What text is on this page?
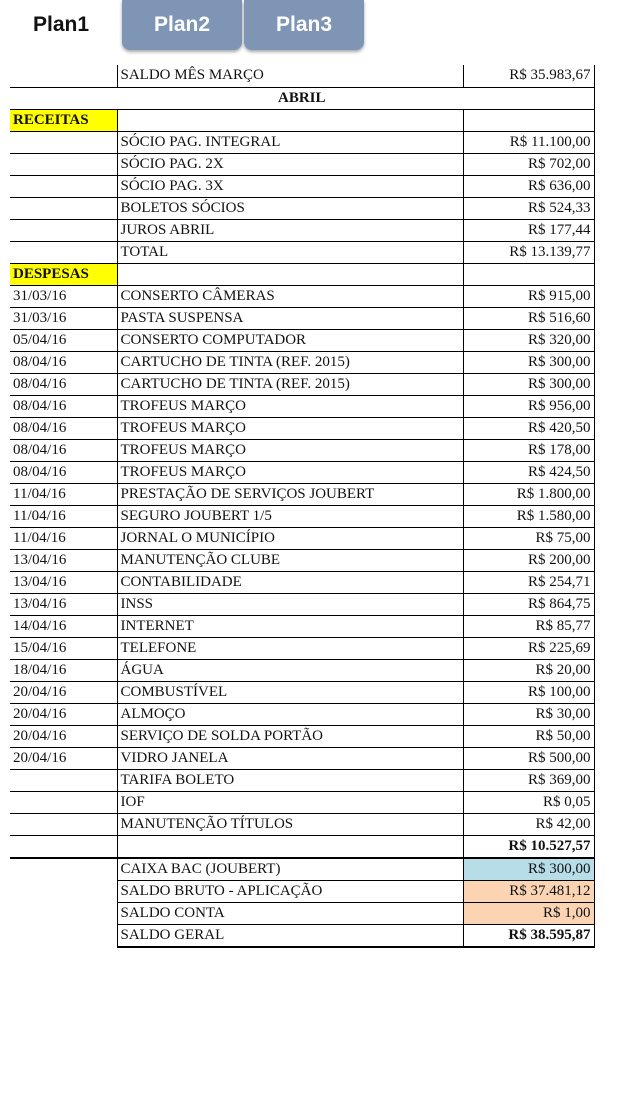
Plan1	Plan2	Plan3
	SALDO MÊS MARÇO	R$ 35.983,67
ABRIL		
RECEITAS		
	SÓCIO PAG. INTEGRAL	R$ 11.100,00
	SÓCIO PAG. 2X	R$ 702,00
	SÓCIO PAG. 3X	R$ 636,00
	BOLETOS SÓCIOS	R$ 524,33
	JUROS ABRIL	R$ 177,44
	TOTAL	R$ 13.139,77
DESPESAS		
31/03/16	CONSERTO CÂMERAS	R$ 915,00
31/03/16	PASTA SUSPENSA	R$ 516,60
05/04/16	CONSERTO COMPUTADOR	R$ 320,00
08/04/16	CARTUCHO DE TINTA (REF. 2015)	R$ 300,00
08/04/16	CARTUCHO DE TINTA (REF. 2015)	R$ 300,00
08/04/16	TROFEUS MARÇO	R$ 956,00
08/04/16	TROFEUS MARÇO	R$ 420,50
08/04/16	TROFEUS MARÇO	R$ 178,00
08/04/16	TROFEUS MARÇO	R$ 424,50
11/04/16	PRESTAÇÃO DE SERVIÇOS JOUBERT	R$ 1.800,00
11/04/16	SEGURO JOUBERT 1/5	R$ 1.580,00
11/04/16	JORNAL O MUNICÍPIO	R$ 75,00
13/04/16	MANUTENÇÃO CLUBE	R$ 200,00
13/04/16	CONTABILIDADE	R$ 254,71
13/04/16	INSS	R$ 864,75
14/04/16	INTERNET	R$ 85,77
15/04/16	TELEFONE	R$ 225,69
18/04/16	ÁGUA	R$ 20,00
20/04/16	COMBUSTÍVEL	R$ 100,00
20/04/16	ALMOÇO	R$ 30,00
20/04/16	SERVIÇO DE SOLDA PORTÃO	R$ 50,00
20/04/16	VIDRO JANELA	R$ 500,00
	TARIFA BOLETO	R$ 369,00
	IOF	R$ 0,05
	MANUTENÇÃO TÍTULOS	R$ 42,00
		R$ 10.527,57
	CAIXA BAC (JOUBERT)	R$ 300,00
	SALDO BRUTO - APLICAÇÃO	R$ 37.481,12
	SALDO CONTA	R$ 1,00
	SALDO GERAL	R$ 38.595,87
